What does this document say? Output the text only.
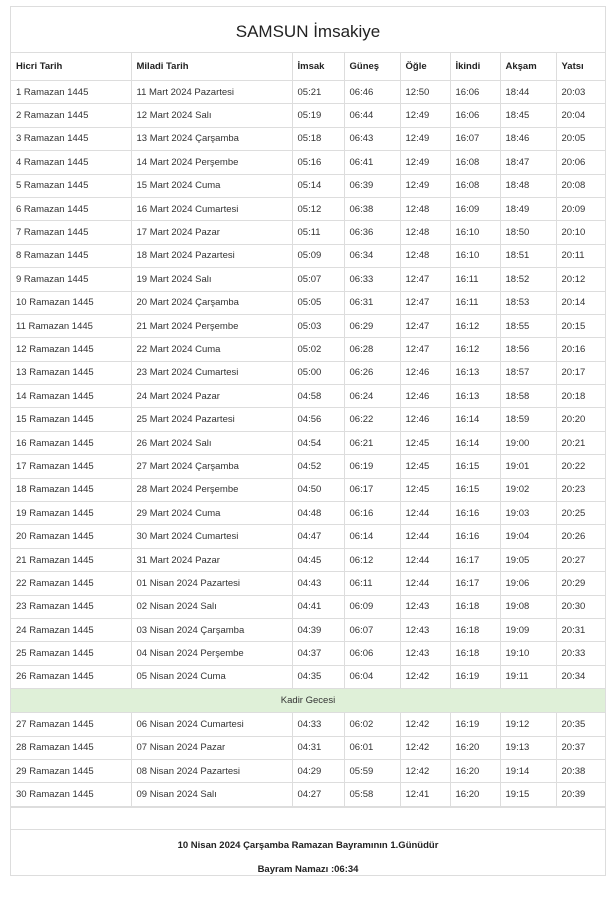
SAMSUN İmsakiye
Hicri Tarih	Miladi Tarih	İmsak	Güneş	Öğle	İkindi	Akşam	Yatsı
1 Ramazan 1445	11 Mart 2024 Pazartesi	05:21	06:46	12:50	16:06	18:44	20:03
2 Ramazan 1445	12 Mart 2024 Salı	05:19	06:44	12:49	16:06	18:45	20:04
3 Ramazan 1445	13 Mart 2024 Çarşamba	05:18	06:43	12:49	16:07	18:46	20:05
4 Ramazan 1445	14 Mart 2024 Perşembe	05:16	06:41	12:49	16:08	18:47	20:06
5 Ramazan 1445	15 Mart 2024 Cuma	05:14	06:39	12:49	16:08	18:48	20:08
6 Ramazan 1445	16 Mart 2024 Cumartesi	05:12	06:38	12:48	16:09	18:49	20:09
7 Ramazan 1445	17 Mart 2024 Pazar	05:11	06:36	12:48	16:10	18:50	20:10
8 Ramazan 1445	18 Mart 2024 Pazartesi	05:09	06:34	12:48	16:10	18:51	20:11
9 Ramazan 1445	19 Mart 2024 Salı	05:07	06:33	12:47	16:11	18:52	20:12
10 Ramazan 1445	20 Mart 2024 Çarşamba	05:05	06:31	12:47	16:11	18:53	20:14
11 Ramazan 1445	21 Mart 2024 Perşembe	05:03	06:29	12:47	16:12	18:55	20:15
12 Ramazan 1445	22 Mart 2024 Cuma	05:02	06:28	12:47	16:12	18:56	20:16
13 Ramazan 1445	23 Mart 2024 Cumartesi	05:00	06:26	12:46	16:13	18:57	20:17
14 Ramazan 1445	24 Mart 2024 Pazar	04:58	06:24	12:46	16:13	18:58	20:18
15 Ramazan 1445	25 Mart 2024 Pazartesi	04:56	06:22	12:46	16:14	18:59	20:20
16 Ramazan 1445	26 Mart 2024 Salı	04:54	06:21	12:45	16:14	19:00	20:21
17 Ramazan 1445	27 Mart 2024 Çarşamba	04:52	06:19	12:45	16:15	19:01	20:22
18 Ramazan 1445	28 Mart 2024 Perşembe	04:50	06:17	12:45	16:15	19:02	20:23
19 Ramazan 1445	29 Mart 2024 Cuma	04:48	06:16	12:44	16:16	19:03	20:25
20 Ramazan 1445	30 Mart 2024 Cumartesi	04:47	06:14	12:44	16:16	19:04	20:26
21 Ramazan 1445	31 Mart 2024 Pazar	04:45	06:12	12:44	16:17	19:05	20:27
22 Ramazan 1445	01 Nisan 2024 Pazartesi	04:43	06:11	12:44	16:17	19:06	20:29
23 Ramazan 1445	02 Nisan 2024 Salı	04:41	06:09	12:43	16:18	19:08	20:30
24 Ramazan 1445	03 Nisan 2024 Çarşamba	04:39	06:07	12:43	16:18	19:09	20:31
25 Ramazan 1445	04 Nisan 2024 Perşembe	04:37	06:06	12:43	16:18	19:10	20:33
26 Ramazan 1445	05 Nisan 2024 Cuma	04:35	06:04	12:42	16:19	19:11	20:34
Kadir Gecesi							
27 Ramazan 1445	06 Nisan 2024 Cumartesi	04:33	06:02	12:42	16:19	19:12	20:35
28 Ramazan 1445	07 Nisan 2024 Pazar	04:31	06:01	12:42	16:20	19:13	20:37
29 Ramazan 1445	08 Nisan 2024 Pazartesi	04:29	05:59	12:42	16:20	19:14	20:38
30 Ramazan 1445	09 Nisan 2024 Salı	04:27	05:58	12:41	16:20	19:15	20:39
10 Nisan 2024 Çarşamba Ramazan Bayramının 1.Günüdür
Bayram Namazı :06:34
